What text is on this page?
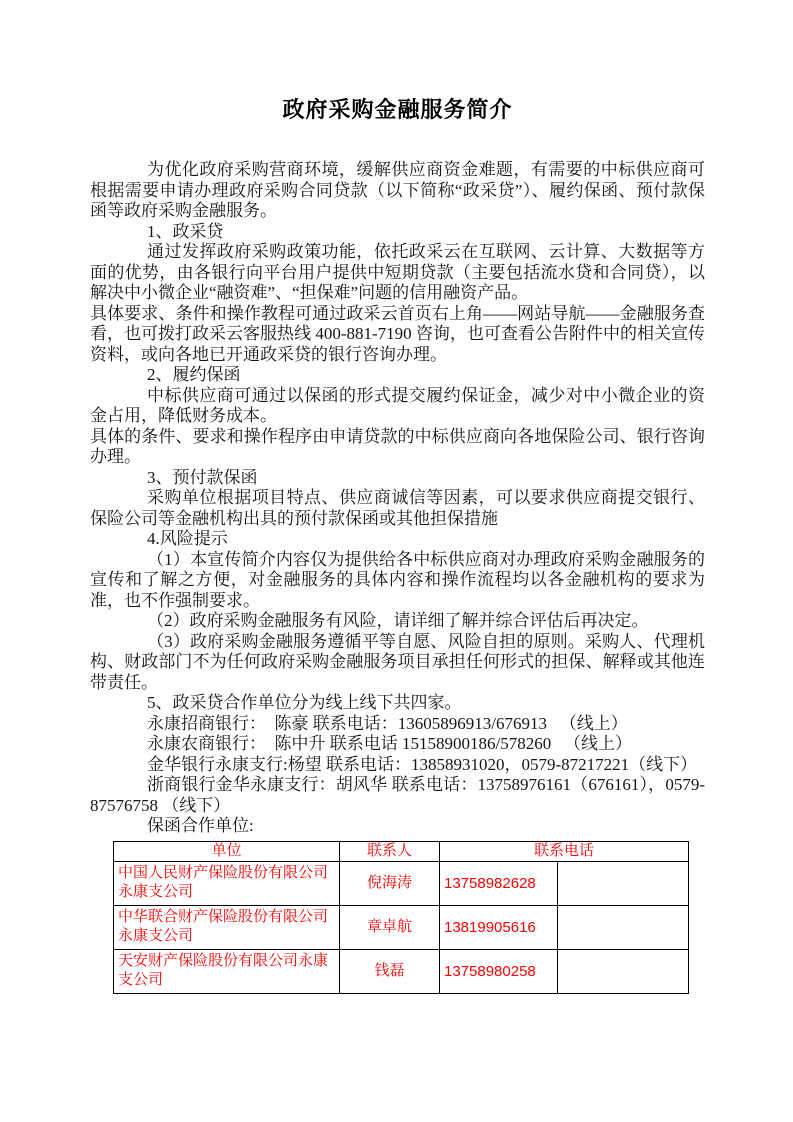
政府采购金融服务简介

为优化政府采购营商环境，缓解供应商资金难题，有需要的中标供应商可根据需要申请办理政府采购合同贷款（以下简称“政采贷”）、履约保函、预付款保函等政府采购金融服务。

1、政采贷

通过发挥政府采购政策功能，依托政采云在互联网、云计算、大数据等方面的优势，由各银行向平台用户提供中短期贷款（主要包括流水贷和合同贷），以解决中小微企业“融资难”、“担保难”问题的信用融资产品。

具体要求、条件和操作教程可通过政采云首页右上角——网站导航——金融服务查看，也可拨打政采云客服热线 400-881-7190 咨询，也可查看公告附件中的相关宣传资料，或向各地已开通政采贷的银行咨询办理。

2、履约保函

中标供应商可通过以保函的形式提交履约保证金，减少对中小微企业的资金占用，降低财务成本。

具体的条件、要求和操作程序由申请贷款的中标供应商向各地保险公司、银行咨询办理。

3、预付款保函

采购单位根据项目特点、供应商诚信等因素，可以要求供应商提交银行、保险公司等金融机构出具的预付款保函或其他担保措施

4.风险提示

（1）本宣传简介内容仅为提供给各中标供应商对办理政府采购金融服务的宣传和了解之方便，对金融服务的具体内容和操作流程均以各金融机构的要求为准，也不作强制要求。

（2）政府采购金融服务有风险，请详细了解并综合评估后再决定。

（3）政府采购金融服务遵循平等自愿、风险自担的原则。采购人、代理机构、财政部门不为任何政府采购金融服务项目承担任何形式的担保、解释或其他连带责任。

5、政采贷合作单位分为线上线下共四家。

永康招商银行：　陈豪 联系电话：13605896913/676913 　（线上）

永康农商银行：　陈中升 联系电话 15158900186/578260 　（线上）

金华银行永康支行:杨望 联系电话：13858931020，0579-87217221（线下）

浙商银行金华永康支行：胡风华 联系电话：13758976161（676161），0579-87576758 （线下）

保函合作单位:

单位	联系人	联系电话	
中国人民财产保险股份有限公司永康支公司	倪海涛	13758982628	
中华联合财产保险股份有限公司永康支公司	章卓航	13819905616	
天安财产保险股份有限公司永康支公司	钱磊	13758980258	
